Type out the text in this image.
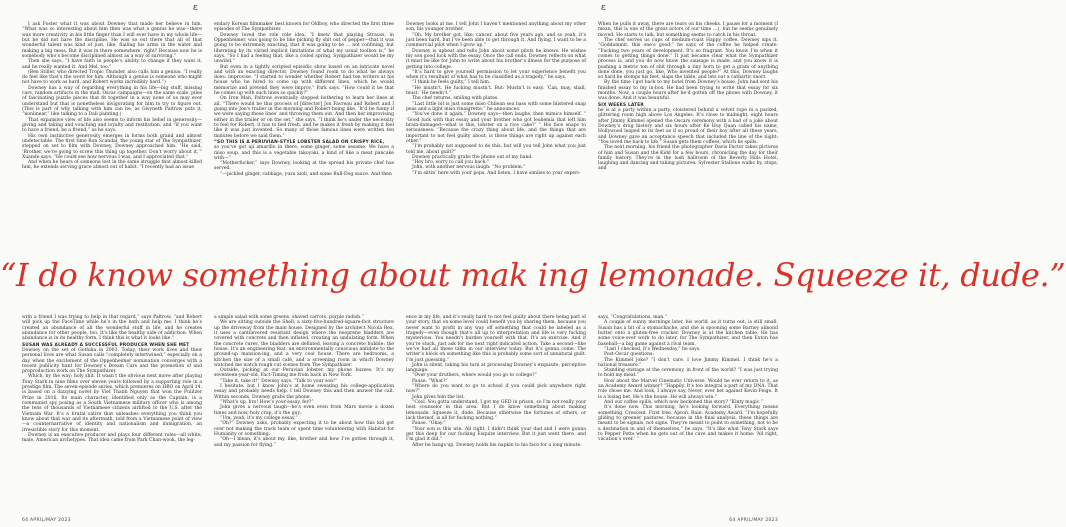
ε	ε

I ask Foster what it was about Downey that made her believe in him. “What was so interesting about him then was what a genius he was—there was more creativity in his little finger than I will ever have in my whole life—but he did not have the discipline. He was so out there that all of that wonderful talent was kind of just, like, flailing his arms in the water and making a big mess. But it was in there somewhere, right? Because now he is somebody who’s become disciplined almost as a way of surviving.”

Then she says, “I have faith in people’s ability to change if they want it, and he really wanted it. And Mel, too.”

(Ben Stiller, who directed Tropic Thunder, also calls him a genius: “I really do feel like that’s the word for him. Although a genius is someone who might not have to work as hard, and Robert works incredibly hard.”)

Downey has a way of regarding everything in his life—big stuff, missing cars, random artifacts in the mall, Oscar campaigns—on the same scale, piles of fascinating puzzle pieces that fit together in a way none of us may ever understand but that is nonetheless invigorating for him to try to figure out. (This is part of why talking with him can be, as Gwyneth Paltrow puts it, “nonlinear,” like talking to a Dali painting.)

That expansive view of life also seems to inform his belief in generosity—giving and taking and vouching and loyalty and restitution, and “if you want to have a friend, be a friend,” as he says.

His own instinctive generosity emerges in forms both grand and almost undetectable. The first time Ron Scandal, the young star of The Sympathizer, stepped on set to film with Downey, Downey approached him. “He said, ‘Brother, we’re going to screw this thing up together. Don’t worry about it,’” Xuande says. “He could see how nervous I was, and I appreciated that.”

And when he hears of someone lost in the same struggle that almost killed him, he extends serving grace almost out of habit. “I recently had an issue

endary Korean filmmaker best known for Oldboy, who directed the first three episodes of The Sympathizer.

Downey loved the role role idea. “I knew that playing Strauss, in Oppenheimer, was going to be like picking fly shit out of pepper—that it was going to be extremely exacting, that it was going to be … not confining, but liberating by its varied implicit limitations of what my usual toolbox is,” he says. “So I had a feeling that, like a coiled spring, Sympathizer would be my unwind.”

But even in a tightly scripted episodic show based on an intricate novel and with an exacting director, Downey found room to do what he always does: improvise. “I started to wonder whether Robert had ten writers at his house who he hired to come up with different lines, which he would memorize and pretend they were improv,” Park says. “How could it be that he comes up with such lines so quickly?”

On Iron Man, Paltrow eventually stopped bothering to learn her lines at all. “There would be this process of [director] Jon Favreau and Robert and I going into Jon’s trailer in the morning and Robert being like, ‘It’d be funny if we were saying these lines’ and throwing them out. And then her improvising either in the trailer or on the set,” she says. “I think he’s under the necessity to feel for Robert, it has to feel fresh, and he makes it fresh by making it feel like it was just invented. So many of those famous lines were written ten minutes before we said them.”

“SO THIS IS A PERUVIAN-STYLE LOBSTER SALAD ON CRISPY RICE,

so you’ve got ají amarillo in there, some ginger, some sesame. We have a miso soup, and this is a vegetable takoyaki, a kind of like a meat pancake with—”

“Motherfucker,” says Downey, looking at the spread his private chef has served.

“—pickled ginger, cabbage, yuzu aioli, and some Bull-Dog sauce. And then

Downey looks at me. I tell John I haven’t mentioned anything about my other son, his younger brother.

“Oh. My brother got, like, cancer, about five years ago, and so yeah, it’s just been hard, but I’ve been able to get through it. And flying. I want to be a commercial pilot when I grow up.”

Downey is upbeat and tells John about some pilots he knows. He wishes my son good luck with the essay. Once the call ends, Downey reflects on what it must be like for John to write about his brother’s illness for the purpose of getting into college.

“It’s hard to give yourself permission to let your experience benefit you when it’s resultant of what has to be classified as a tragedy,” he says.

“I think he feels guilty,” I tell him.

“He mustn’t. He fucking mustn’t. But: Mustn’t is easy. ‘Can, may, shall, must.’ He needn’t.”

The chef returns, smiling with plates.

“Last little bit is just some miso Chilean sea bass with some blistered snap peas and a light miso vinaigrette,” he announces.

“You’ve done it again,” Downey says—then laughs, then mimics himself. “ ‘Good luck with that essay and your brother who got leukemia that left him brain-damaged—what is this, lobster on a rice cake?’ ” His face snaps to seriousness: “Because the crazy thing about life, and the things that are important to not feel guilty about, is those things are right up against each other.”

“I’m probably not supposed to do this, but will you tell John what you just told me, about guilt?”

Downey practically grabs the phone out of my hand.

“Hey bro, sorry to call you back.”

John, with another nervous laugh: “No problem.”

“I’m sittin’ here with your pops. And listen, I have similes to your experi-

When he pulls it away, there are tears on his cheeks. I pause for a moment (I mean, this is one of the great actors of our time …), but he seems genuinely moved. He starts to talk, but something seems to catch in his throat.

The chef serves us cups of medium-roast Happy coffee. Downey sips it. “Goddammit, this one’s good,” he says of the coffee he helped create. “Fucking two years of development. It’s so fragrant. You know I’m when it comes to getting things done.” It just became clear what the Sympathizer process is, and you do now know the sausage is made, and you know it is pushing a metric ton of shit through a tiny horn to get a gram of anything done done, you just go, like, Who invented people?” At this, Downey laughs so hard he stomps his feet, slaps the table, and lets out a cathartic snort.

By the time I got back to my hotel from Downey’s house, John had sent his finished essay to my in-box. He had been trying to write that essay for six months. Now, a couple hours after he’d gotten off the phone with Downey, it was done. And it was beautiful.

SIX WEEKS LATER

he is at a party within a party, cloistered behind a velvet rope in a packed, glittering room high above Los Angeles. It’s close to midnight, eight hours after Jimmy Kimmel opened the Oscars ceremony with a bad of a joke about Downey’s drug history and six hours after Ke Huy Quan called his name, Hollywood leaped to its feet as if so proud of their boy after all these years, and Downey gave an acceptance speech that included the line of the night: “You loved me back to life.” Susan gets them coffees, which he spills.

The next morning, his friend the photographer Davis Factor takes pictures of him and Susan and the Kidd for a few hours, chronicling the day for their family history. They’re in the lush ballroom of the Beverly Hills Hotel, laughing and dancing and taking pictures. Sylvester Stallone walks by, stops, and

“I do know something about mak ing lemonade. Squeeze it, dude.”

with a friend I was trying to help in that regard,” says Paltrow, “and Robert will pick up the FaceTime while he’s in the bath and help me. I think he’s created an abundance of all the wonderful stuff in life, and he creates abundance for other people, too. It’s like the healthy side of addiction. When abundance is in its healthy form, I think this is what it looks like.”

SUSAN WAS ALREADY A SUCCESSFUL PRODUCER WHEN SHE MET

Downey on the set of Gothika in 2003. Today, their work lives and their personal lives are what Susan calls “completely intertwined,” especially on a day when the excitement of the Oppenheimer nomination converges with a recent publicity hunt for Downey’s Dream Cars and the promotion of and preproduction work on The Sympathizer.

Which, by the way: holy shit. It wasn’t the obvious next move after playing Tony Stark in nine films over eleven years followed by a supporting role in a prestige film. The seven-episode series, which premieres on HBO on April 14, is based on a dizzying novel by Viet Thanh Nguyen that won the Pulitzer Prize in 2016. Its main character, identified only as the Captain, is a communist spy posing as a South Vietnamese military officer who is among the tens of thousands of Vietnamese citizens airlifted to the U.S. after the Vietnam War. It’s a brutal satire that unleashes everything you think you know about that war and its aftermath, told from a Vietnamese point of view—a counternarrative of identity and nationalism and immigration, an irresistible story for this moment.

Downey is an executive producer and plays four different roles—all white, male, American archetypes. That idea came from Park Chan-wook, the leg-

a simple salad with some greens, shaved carrots, purple radish.”

We are sitting outside the Shell, a sixty-five-hundred-square-foot structure up the driveway from the main house. Designed by the architect Nicola Rex, it uses a cantilevered resistant design where the neoprene bladders are covered with concrete and then inflated, creating an undulating form. When the concrete cures, the bladders are deflated, leaving a concrete bubble: the house. It’s an engineering feat, an environmentally conscious antidote to the ground-up mansion-ing, and a very cool house. There are bedrooms, a kitchen the size of a small café, and a screening room in which Downey watched me watch rough cut scenes from The Sympathizer.

Outside, picking at our Peruvian lobster, my phone buzzes. It’s my seventeen-year-old, Fact-Timing me from back in New York.

“Take it, take it!” Downey says. “Talk to your son!”

I hesitate, but I know John’s at home sweating his college-application essay and probably needs help. I tell Downey this and then answer the call. Within seconds, Downey grabs the phone.

“What’s up, bro! How’s your essay, fer?”

John gives a nervous laugh—he’s even even from Mars movie a dozen times and now, holy crap, it’s the guy.

“Um, yeah, it’s my college essay.”

“Oh?” Downey asks, probably expecting it to be about how this kid got over not making the track team or spent time volunteering with Habitat for Humanity or something.

“Oh—I mean, it’s about my, like, brother and how I’ve gotten through it, and my passion for flying.”

ence in my life, and it’s really hard to not feel guilty about there being part of your story, that on some level could benefit you by sharing them, because you never want to profit in any way off something that could be labeled as a tragedy—even though that’s all up to interpretation and life is very fucking mysterious. You needn’t burden yourself with that. It’s an exercise. And if you’re stuck, just ask for me next right indicated action. Take a second—like we’ve had all these talks in our interview today. But it’s gonna come. The writer’s block on something like this is probably some sort of unnatural guilt. I’m just guessing.”

John is silent, taking his turn at processing Downey’s exquisite, perceptive language.

“Over your druthers, where would you go to college?”

Pause. “What?”

“Where do you want to go to school if you could pick anywhere right now?”

John gives him the list.

“Cool. You gotta understand, I got my GED in prison, so I’m not really your best counselor in this area. But I do know something about making lemonade. Squeeze it, dude. Because otherwise the fortunes of others, or lack thereof, is all for fucking nothing.”

Pause. “Okay.”

“Your son is this win. All right. I didn’t think your dad and I were gonna get this deep for our fucking Esquire interview. But it just went there, and I’m glad it did.”

After he hangs up, Downey holds his napkin to his face for a long minute.

says, “Congratulations, man.”

A couple of sunny mornings later, his world, as it turns out, is still small. Susan has a bit of a stomachache, and she is spooning some Barney almond butter onto a gluten-free cracker. Downey is at the kitchen table. He has some voice-over work to do later, for The Sympathizer, and then Exton has baseball—a big game against a rival team.

“Last I checked, it’s Wednesday,” he says.

Post-Oscar questions:

The Kimmel joke? “I don’t care. I love Jimmy Kimmel. I think he’s a national treasure.”

Standing onstage at the ceremony, in front of the world? “I was just trying to hold my meat.”

How about the Marvel Cinematic Universe. Would he ever return to it, as an Academy Award winner? “Happily. It’s too integral a part of my DNA. That role chose me. And look, I always say, Never, ever bet against Kevin Feige. It is a losing bet. He’s the house. He will always win.”

And our coffee spills, which now beckoned this story? “Kinty magic.”

It’s done now. This morning, he’s looking forward. Everything means something. Crescent. First tree. Apron. Rain. Academy Award. “I’m hopefully gliding to greener pastures, because in the final analysis, these things are meant to be signals, not signs. They’re meant to point to something, not to be a destination in and of themselves,” he says. “It’s like what Tony Stark says to Pepper Potts when he gets out of the cave and makes it home: ‘All right, vacation’s over.’ ”

64 APRIL/MAY 2023	64 APRIL/MAY 2023
